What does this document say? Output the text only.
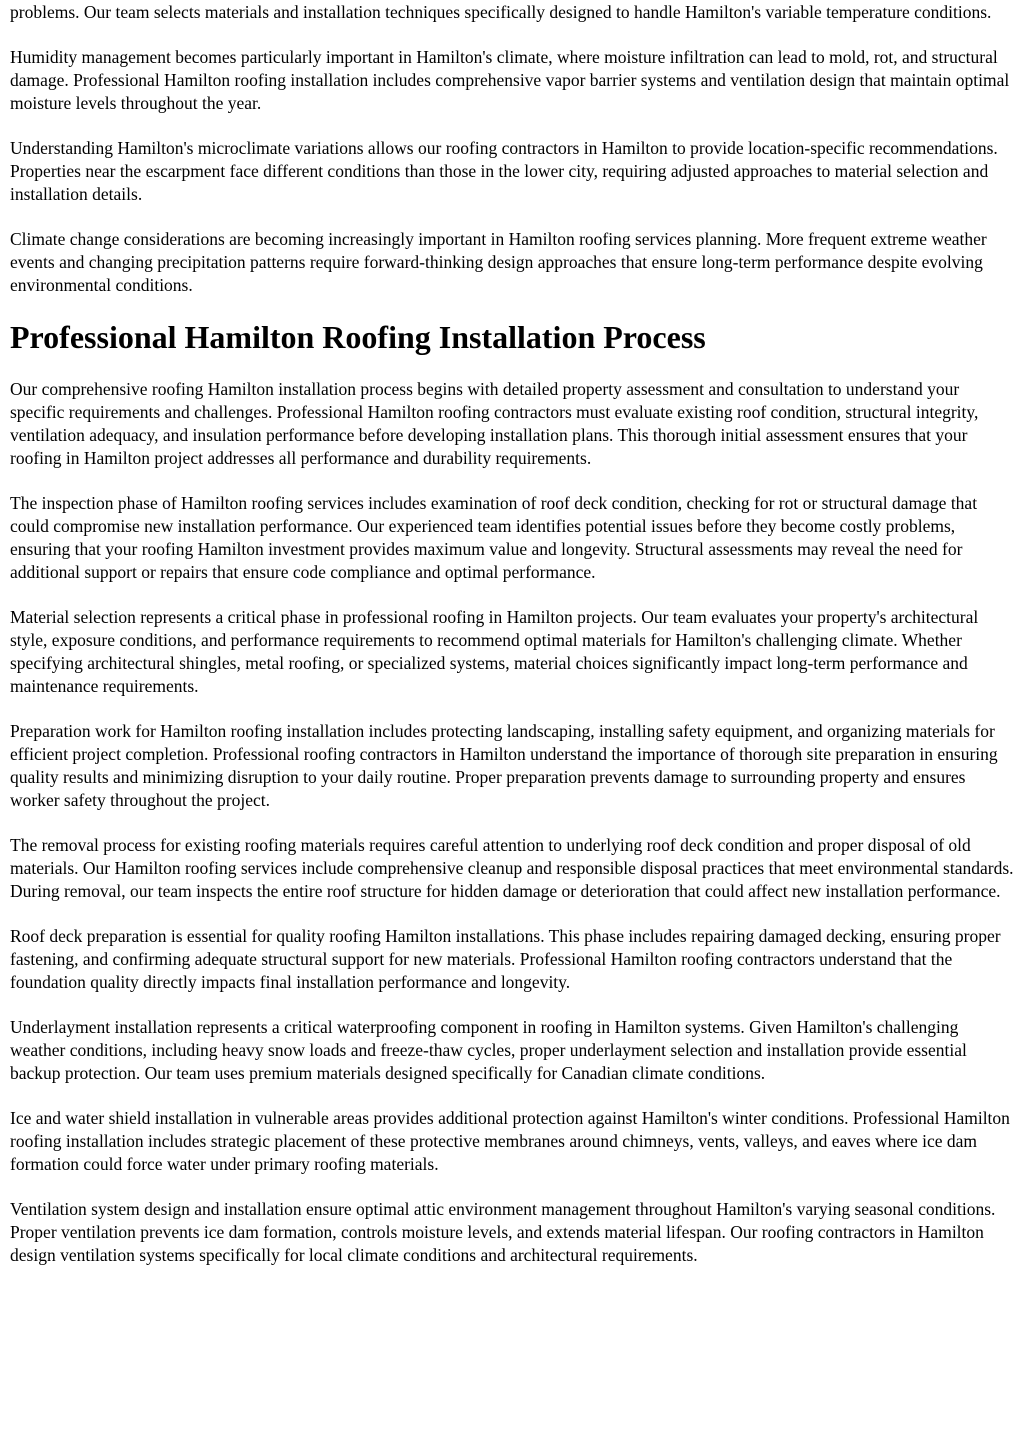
problems. Our team selects materials and installation techniques specifically designed to handle Hamilton's variable temperature conditions.

Humidity management becomes particularly important in Hamilton's climate, where moisture infiltration can lead to mold, rot, and structural damage. Professional Hamilton roofing installation includes comprehensive vapor barrier systems and ventilation design that maintain optimal moisture levels throughout the year.

Understanding Hamilton's microclimate variations allows our roofing contractors in Hamilton to provide location-specific recommendations. Properties near the escarpment face different conditions than those in the lower city, requiring adjusted approaches to material selection and installation details.

Climate change considerations are becoming increasingly important in Hamilton roofing services planning. More frequent extreme weather events and changing precipitation patterns require forward-thinking design approaches that ensure long-term performance despite evolving environmental conditions.

Professional Hamilton Roofing Installation Process

Our comprehensive roofing Hamilton installation process begins with detailed property assessment and consultation to understand your specific requirements and challenges. Professional Hamilton roofing contractors must evaluate existing roof condition, structural integrity, ventilation adequacy, and insulation performance before developing installation plans. This thorough initial assessment ensures that your roofing in Hamilton project addresses all performance and durability requirements.

The inspection phase of Hamilton roofing services includes examination of roof deck condition, checking for rot or structural damage that could compromise new installation performance. Our experienced team identifies potential issues before they become costly problems, ensuring that your roofing Hamilton investment provides maximum value and longevity. Structural assessments may reveal the need for additional support or repairs that ensure code compliance and optimal performance.

Material selection represents a critical phase in professional roofing in Hamilton projects. Our team evaluates your property's architectural style, exposure conditions, and performance requirements to recommend optimal materials for Hamilton's challenging climate. Whether specifying architectural shingles, metal roofing, or specialized systems, material choices significantly impact long-term performance and maintenance requirements.

Preparation work for Hamilton roofing installation includes protecting landscaping, installing safety equipment, and organizing materials for efficient project completion. Professional roofing contractors in Hamilton understand the importance of thorough site preparation in ensuring quality results and minimizing disruption to your daily routine. Proper preparation prevents damage to surrounding property and ensures worker safety throughout the project.

The removal process for existing roofing materials requires careful attention to underlying roof deck condition and proper disposal of old materials. Our Hamilton roofing services include comprehensive cleanup and responsible disposal practices that meet environmental standards. During removal, our team inspects the entire roof structure for hidden damage or deterioration that could affect new installation performance.

Roof deck preparation is essential for quality roofing Hamilton installations. This phase includes repairing damaged decking, ensuring proper fastening, and confirming adequate structural support for new materials. Professional Hamilton roofing contractors understand that the foundation quality directly impacts final installation performance and longevity.

Underlayment installation represents a critical waterproofing component in roofing in Hamilton systems. Given Hamilton's challenging weather conditions, including heavy snow loads and freeze-thaw cycles, proper underlayment selection and installation provide essential backup protection. Our team uses premium materials designed specifically for Canadian climate conditions.

Ice and water shield installation in vulnerable areas provides additional protection against Hamilton's winter conditions. Professional Hamilton roofing installation includes strategic placement of these protective membranes around chimneys, vents, valleys, and eaves where ice dam formation could force water under primary roofing materials.

Ventilation system design and installation ensure optimal attic environment management throughout Hamilton's varying seasonal conditions. Proper ventilation prevents ice dam formation, controls moisture levels, and extends material lifespan. Our roofing contractors in Hamilton design ventilation systems specifically for local climate conditions and architectural requirements.
